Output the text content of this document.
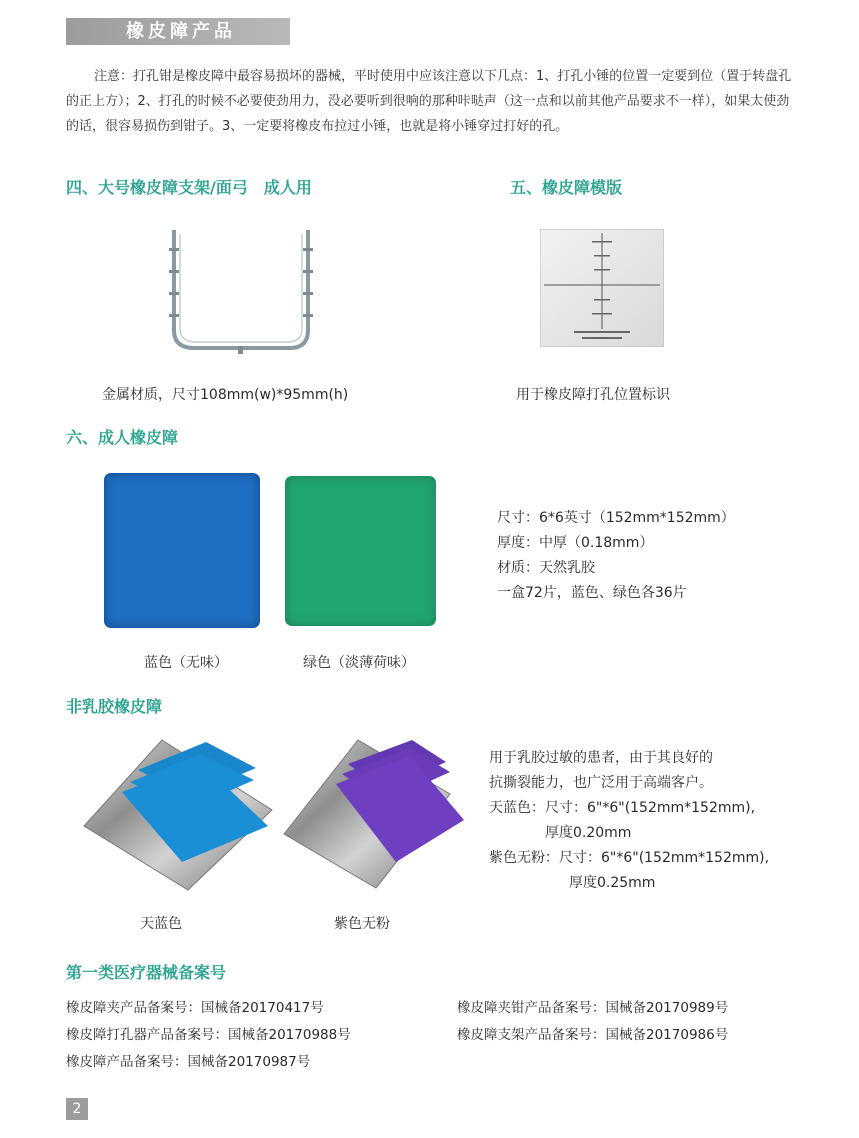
橡皮障产品
注意：打孔钳是橡皮障中最容易损坏的器械，平时使用中应该注意以下几点：1、打孔小锤的位置一定要到位（置于转盘孔的正上方）；2、打孔的时候不必要使劲用力，没必要听到很响的那种咔哒声（这一点和以前其他产品要求不一样），如果太使劲的话，很容易损伤到钳子。3、一定要将橡皮布拉过小锤，也就是将小锤穿过打好的孔。
四、大号橡皮障支架/面弓　成人用
金属材质，尺寸108mm(w)*95mm(h)
五、橡皮障模版
用于橡皮障打孔位置标识
六、成人橡皮障
蓝色（无味）	绿色（淡薄荷味）
尺寸：6*6英寸（152mm*152mm）
厚度：中厚（0.18mm）
材质：天然乳胶
一盒72片，蓝色、绿色各36片
非乳胶橡皮障
天蓝色	紫色无粉
用于乳胶过敏的患者，由于其良好的
抗撕裂能力，也广泛用于高端客户。
天蓝色：尺寸：6"*6"(152mm*152mm),
厚度0.20mm
紫色无粉：尺寸：6"*6"(152mm*152mm),
厚度0.25mm
第一类医疗器械备案号
橡皮障夹产品备案号：国械备20170417号
橡皮障打孔器产品备案号：国械备20170988号
橡皮障产品备案号：国械备20170987号
橡皮障夹钳产品备案号：国械备20170989号
橡皮障支架产品备案号：国械备20170986号
2
